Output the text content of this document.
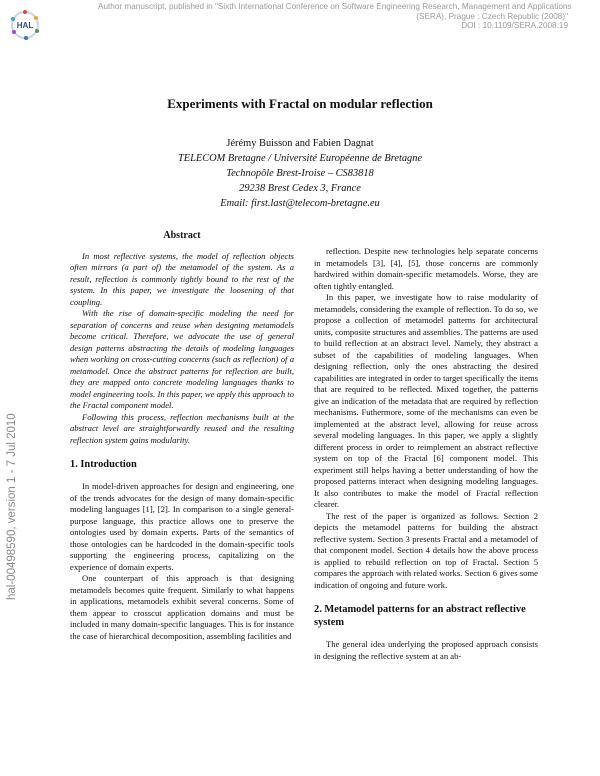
Author manuscript, published in "Sixth International Conference on Software Engineering Research, Management and Applications
(SERA), Prague : Czech Republic (2008)"
DOI : 10.1109/SERA.2008.19
HAL
hal-00498590, version 1 - 7 Jul 2010
Experiments with Fractal on modular reflection
Jérémy Buisson and Fabien Dagnat
TELECOM Bretagne / Université Européenne de Bretagne
Technopôle Brest-Iroise – CS83818
29238 Brest Cedex 3, France
Email: first.last@telecom-bretagne.eu
Abstract

In most reflective systems, the model of reflection objects often mirrors (a part of) the metamodel of the system. As a result, reflection is commonly tightly bound to the rest of the system. In this paper, we investigate the loosening of that coupling.

With the rise of domain-specific modeling the need for separation of concerns and reuse when designing metamodels become critical. Therefore, we advocate the use of general design patterns abstracting the details of modeling languages when working on cross-cutting concerns (such as reflection) of a metamodel. Once the abstract patterns for reflection are built, they are mapped onto concrete modeling languages thanks to model engineering tools. In this paper, we apply this approach to the Fractal component model.

Following this process, reflection mechanisms built at the abstract level are straightforwardly reused and the resulting reflection system gains modularity.

1. Introduction

In model-driven approaches for design and engineering, one of the trends advocates for the design of many domain-specific modeling languages [1], [2]. In comparison to a single general-purpose language, this practice allows one to preserve the ontologies used by domain experts. Parts of the semantics of those ontologies can be hardcoded in the domain-specific tools supporting the engineering process, capitalizing on the experience of domain experts.

One counterpart of this approach is that designing metamodels becomes quite frequent. Similarly to what happens in applications, metamodels exhibit several concerns. Some of them appear to crosscut application domains and must be included in many domain-specific languages. This is for instance the case of hierarchical decomposition, assembling facilities and

reflection. Despite new technologies help separate concerns in metamodels [3], [4], [5], those concerns are commonly hardwired within domain-specific metamodels. Worse, they are often tightly entangled.

In this paper, we investigate how to raise modularity of metamodels, considering the example of reflection. To do so, we propose a collection of metamodel patterns for architectural units, composite structures and assemblies. The patterns are used to build reflection at an abstract level. Namely, they abstract a subset of the capabilities of modeling languages. When designing reflection, only the ones abstracting the desired capabilities are integrated in order to target specifically the items that are required to be reflected. Mixed together, the patterns give an indication of the metadata that are required by reflection mechanisms. Futhermore, some of the mechanisms can even be implemented at the abstract level, allowing for reuse across several modeling languages. In this paper, we apply a slightly different process in order to reimplement an abstract reflective system on top of the Fractal [6] component model. This experiment still helps having a better understanding of how the proposed patterns interact when designing modeling languages. It also contributes to make the model of Fractal reflection clearer.

The rest of the paper is organized as follows. Section 2 depicts the metamodel patterns for building the abstract reflective system. Section 3 presents Fractal and a metamodel of that component model. Section 4 details how the above process is applied to rebuild reflection on top of Fractal. Section 5 compares the approach with related works. Section 6 gives some indication of ongoing and future work.

2. Metamodel patterns for an abstract reflective system

The general idea underlying the proposed approach consists in designing the reflective system at an ab-
